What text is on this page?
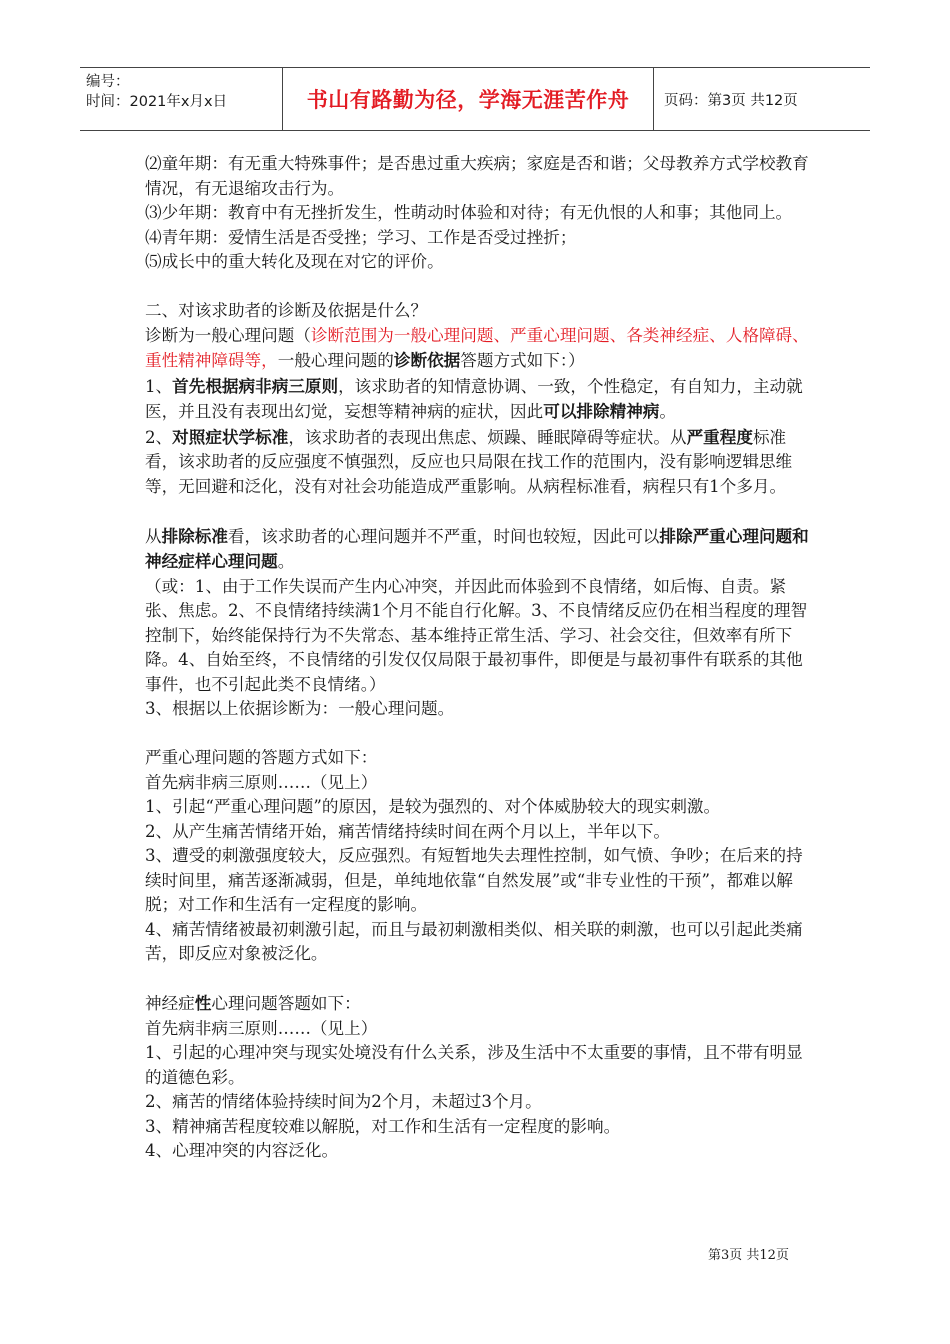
编号：
时间：2021年x月x日	书山有路勤为径，学海无涯苦作舟	页码：第3页 共12页

⑵童年期：有无重大特殊事件；是否患过重大疾病；家庭是否和谐；父母教养方式学校教育情况，有无退缩攻击行为。

⑶少年期：教育中有无挫折发生，性萌动时体验和对待；有无仇恨的人和事；其他同上。

⑷青年期：爱情生活是否受挫；学习、工作是否受过挫折；

⑸成长中的重大转化及现在对它的评价。

二、对该求助者的诊断及依据是什么？

诊断为一般心理问题（诊断范围为一般心理问题、严重心理问题、各类神经症、人格障碍、重性精神障碍等，一般心理问题的诊断依据答题方式如下：）

1、首先根据病非病三原则，该求助者的知情意协调、一致，个性稳定，有自知力，主动就医，并且没有表现出幻觉，妄想等精神病的症状，因此可以排除精神病。

2、对照症状学标准，该求助者的表现出焦虑、烦躁、睡眠障碍等症状。从严重程度标准看，该求助者的反应强度不慎强烈，反应也只局限在找工作的范围内，没有影响逻辑思维等，无回避和泛化，没有对社会功能造成严重影响。从病程标准看，病程只有1个多月。

从排除标准看，该求助者的心理问题并不严重，时间也较短，因此可以排除严重心理问题和神经症样心理问题。

（或：1、由于工作失误而产生内心冲突，并因此而体验到不良情绪，如后悔、自责。紧张、焦虑。2、不良情绪持续满1个月不能自行化解。3、不良情绪反应仍在相当程度的理智控制下，始终能保持行为不失常态、基本维持正常生活、学习、社会交往，但效率有所下降。4、自始至终，不良情绪的引发仅仅局限于最初事件，即便是与最初事件有联系的其他事件，也不引起此类不良情绪。）

3、根据以上依据诊断为：一般心理问题。

严重心理问题的答题方式如下：

首先病非病三原则……（见上）

1、引起“严重心理问题”的原因，是较为强烈的、对个体威胁较大的现实刺激。

2、从产生痛苦情绪开始，痛苦情绪持续时间在两个月以上，半年以下。

3、遭受的刺激强度较大，反应强烈。有短暂地失去理性控制，如气愤、争吵；在后来的持续时间里，痛苦逐渐减弱，但是，单纯地依靠“自然发展”或“非专业性的干预”，都难以解脱；对工作和生活有一定程度的影响。

4、痛苦情绪被最初刺激引起，而且与最初刺激相类似、相关联的刺激，也可以引起此类痛苦，即反应对象被泛化。

神经症性心理问题答题如下：

首先病非病三原则……（见上）

1、引起的心理冲突与现实处境没有什么关系，涉及生活中不太重要的事情，且不带有明显的道德色彩。

2、痛苦的情绪体验持续时间为2个月，未超过3个月。

3、精神痛苦程度较难以解脱，对工作和生活有一定程度的影响。

4、心理冲突的内容泛化。

第3页 共12页
